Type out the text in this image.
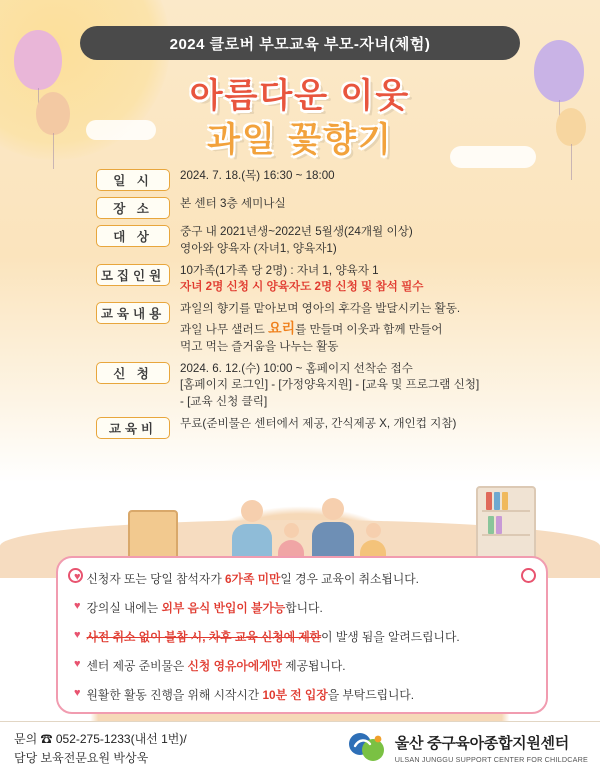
2024 클로버 부모교육 부모-자녀(체험)
아름다운 이웃
과일 꽃향기
일 시	2024. 7. 18.(목) 16:30 ~ 18:00
장 소	본 센터 3층 세미나실
대 상	중구 내 2021년생~2022년 5월생(24개월 이상)
영아와 양육자 (자녀1, 양육자1)
모집인원	10가족(1가족 당 2명) : 자녀 1, 양육자 1
자녀 2명 신청 시 양육자도 2명 신청 및 참석 필수
교육내용	과일의 향기를 맡아보며 영아의 후각을 발달시키는 활동.
과일 나무 샐러드 요리를 만들며 이웃과 함께 만들어
먹고 먹는 즐거움을 나누는 활동
신 청	2024. 6. 12.(수) 10:00 ~ 홈페이지 선착순 접수
[홈페이지 로그인] - [가정양육지원] - [교육 및 프로그램 신청]
- [교육 신청 클릭]
교육비	무료(준비물은 센터에서 제공, 간식제공 X, 개인컵 지참)
♥ 신청자 또는 당일 참석자가 6가족 미만일 경우 교육이 취소됩니다.
♥ 강의실 내에는 외부 음식 반입이 불가능합니다.
♥ 사전 취소 없이 불참 시, 차후 교육 신청에 제한이 발생 됨을 알려드립니다.
♥ 센터 제공 준비물은 신청 영유아에게만 제공됩니다.
♥ 원활한 활동 진행을 위해 시작시간 10분 전 입장을 부탁드립니다.
문의 ☎ 052-275-1233(내선 1번)/
담당 보육전문요원 박상욱
울산 중구육아종합지원센터
ULSAN JUNGGU SUPPORT CENTER FOR CHILDCARE
